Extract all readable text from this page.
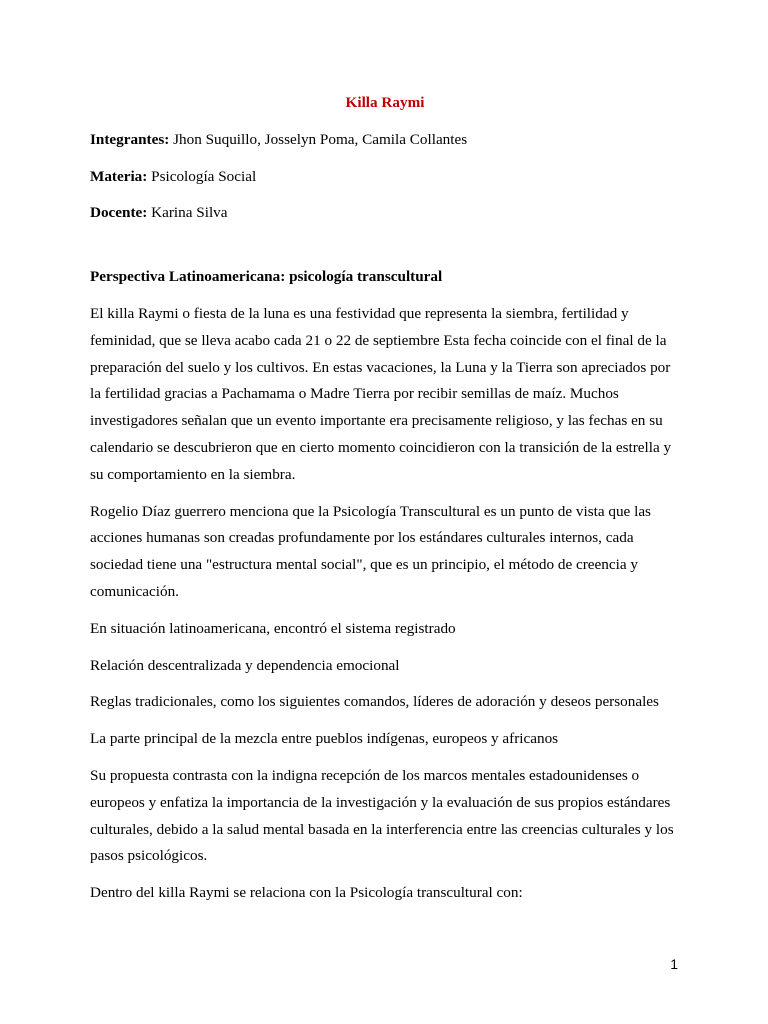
Killa Raymi

Integrantes: Jhon Suquillo, Josselyn Poma, Camila Collantes

Materia: Psicología Social

Docente: Karina Silva

Perspectiva Latinoamericana: psicología transcultural

El killa Raymi o fiesta de la luna es una festividad que representa la siembra, fertilidad y feminidad, que se lleva acabo cada 21 o 22 de septiembre Esta fecha coincide con el final de la preparación del suelo y los cultivos. En estas vacaciones, la Luna y la Tierra son apreciados por la fertilidad gracias a Pachamama o Madre Tierra por recibir semillas de maíz. Muchos investigadores señalan que un evento importante era precisamente religioso, y las fechas en su calendario se descubrieron que en cierto momento coincidieron con la transición de la estrella y su comportamiento en la siembra.

Rogelio Díaz guerrero menciona que la Psicología Transcultural es un punto de vista que las acciones humanas son creadas profundamente por los estándares culturales internos, cada sociedad tiene una "estructura mental social", que es un principio, el método de creencia y comunicación.

En situación latinoamericana, encontró el sistema registrado

Relación descentralizada y dependencia emocional

Reglas tradicionales, como los siguientes comandos, líderes de adoración y deseos personales

La parte principal de la mezcla entre pueblos indígenas, europeos y africanos

Su propuesta contrasta con la indigna recepción de los marcos mentales estadounidenses o europeos y enfatiza la importancia de la investigación y la evaluación de sus propios estándares culturales, debido a la salud mental basada en la interferencia entre las creencias culturales y los pasos psicológicos.

Dentro del killa Raymi se relaciona con la Psicología transcultural con:

1
